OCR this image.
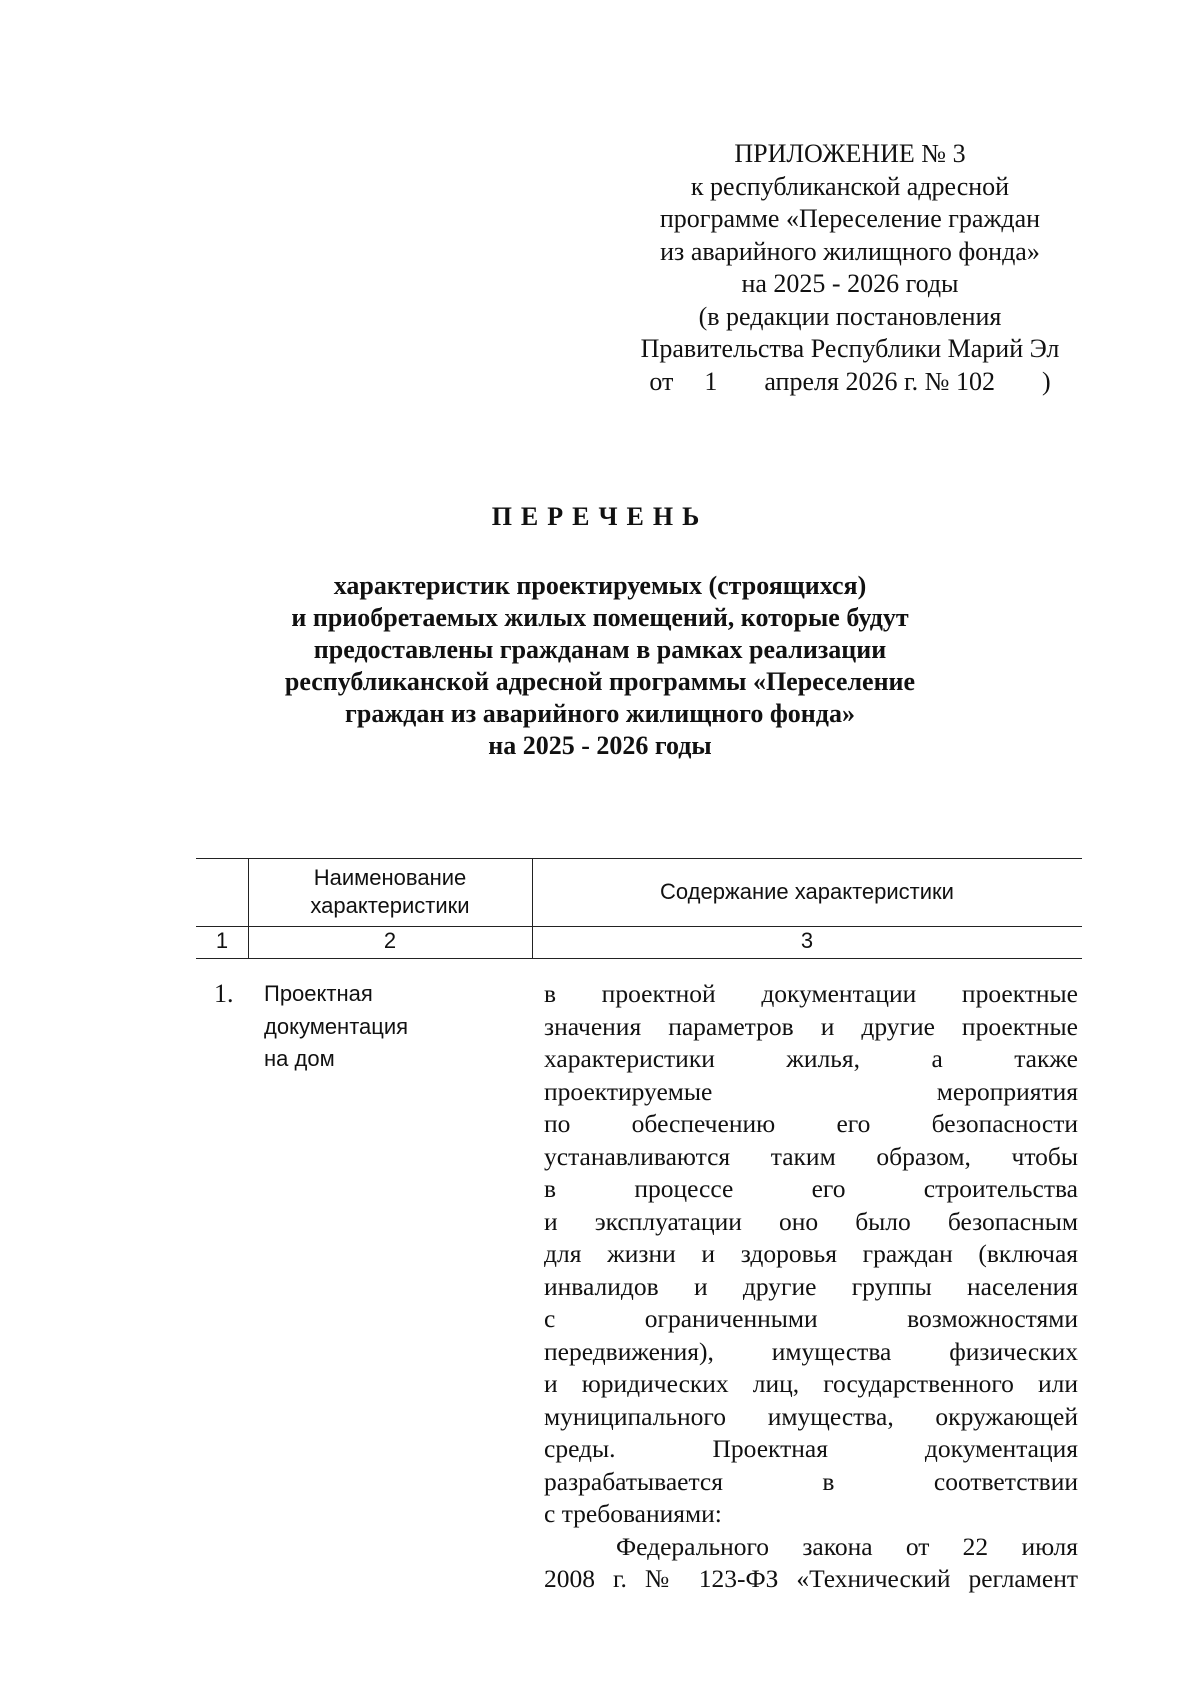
ПРИЛОЖЕНИЕ № 3
к республиканской адресной
программе «Переселение граждан
из аварийного жилищного фонда»
на 2025 - 2026 годы
(в редакции постановления
Правительства Республики Марий Эл
от 1 апреля 2026 г. № 102 )
ПЕРЕЧЕНЬ
характеристик проектируемых (строящихся)
и приобретаемых жилых помещений, которые будут
предоставлены гражданам в рамках реализации
республиканской адресной программы «Переселение
граждан из аварийного жилищного фонда»
на 2025 - 2026 годы
Наименование
характеристики
Содержание характеристики
1	2	3
1. Проектная
документация
на дом
в проектной документации проектные
значения параметров и другие проектные
характеристики жилья, а также
проектируемые мероприятия
по обеспечению его безопасности
устанавливаются таким образом, чтобы
в процессе его строительства
и эксплуатации оно было безопасным
для жизни и здоровья граждан (включая
инвалидов и другие группы населения
с ограниченными возможностями
передвижения), имущества физических
и юридических лиц, государственного или
муниципального имущества, окружающей
среды. Проектная документация
разрабатывается в соответствии
с требованиями:
Федерального закона от 22 июля
2008 г. № 123-ФЗ «Технический регламент
